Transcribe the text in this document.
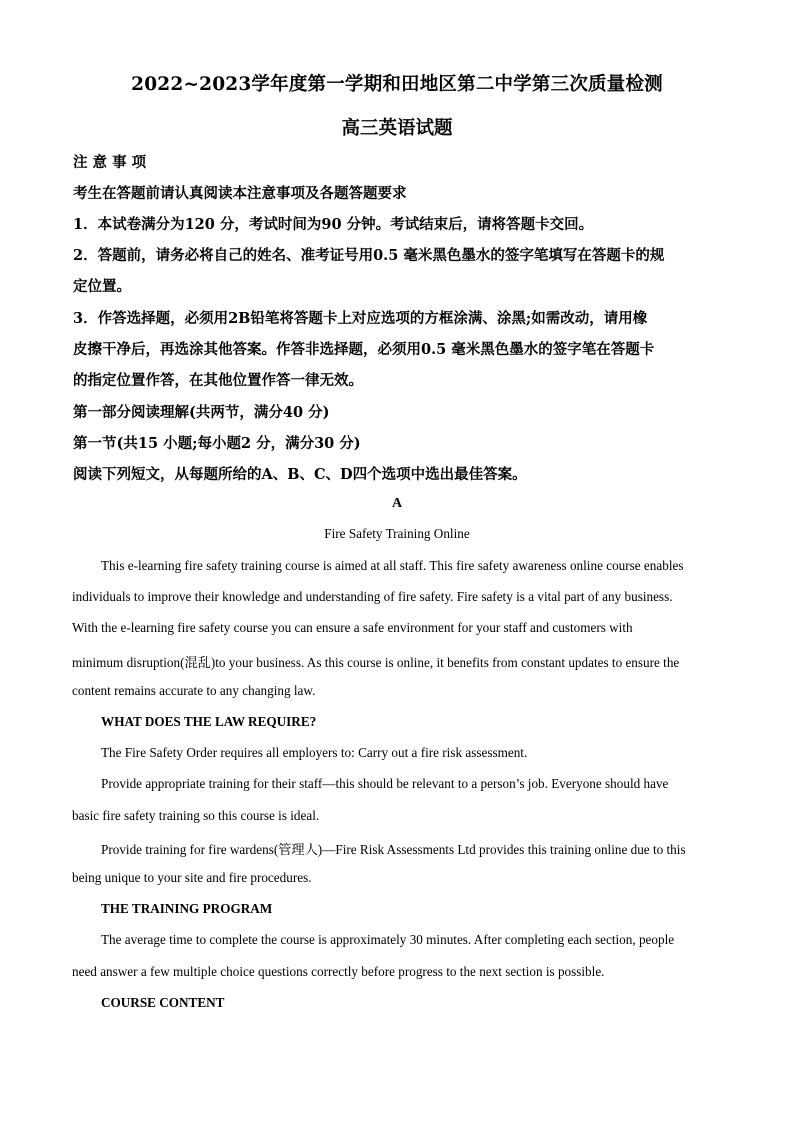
2022~2023学年度第一学期和田地区第二中学第三次质量检测
高三英语试题
注 意 事 项
考生在答题前请认真阅读本注意事项及各题答题要求
1．本试卷满分为120 分，考试时间为90 分钟。考试结束后，请将答题卡交回。
2．答题前，请务必将自己的姓名、准考证号用0.5 毫米黑色墨水的签字笔填写在答题卡的规
定位置。
3．作答选择题，必须用2B铅笔将答题卡上对应选项的方框涂满、涂黑;如需改动，请用橡
皮擦干净后，再选涂其他答案。作答非选择题，必须用0.5 毫米黑色墨水的签字笔在答题卡
的指定位置作答，在其他位置作答一律无效。
第一部分阅读理解(共两节，满分40 分)
第一节(共15 小题;每小题2 分，满分30 分)
阅读下列短文，从每题所给的A、B、C、D四个选项中选出最佳答案。
A
Fire Safety Training Online
This e-learning fire safety training course is aimed at all staff. This fire safety awareness online course enables
individuals to improve their knowledge and understanding of fire safety. Fire safety is a vital part of any business.
With the e-learning fire safety course you can ensure a safe environment for your staff and customers with
minimum disruption(混乱)to your business. As this course is online, it benefits from constant updates to ensure the
content remains accurate to any changing law.
WHAT DOES THE LAW REQUIRE?
The Fire Safety Order requires all employers to: Carry out a fire risk assessment.
Provide appropriate training for their staff—this should be relevant to a person’s job. Everyone should have
basic fire safety training so this course is ideal.
Provide training for fire wardens(管理人)—Fire Risk Assessments Ltd provides this training online due to this
being unique to your site and fire procedures.
THE TRAINING PROGRAM
The average time to complete the course is approximately 30 minutes. After completing each section, people
need answer a few multiple choice questions correctly before progress to the next section is possible.
COURSE CONTENT
